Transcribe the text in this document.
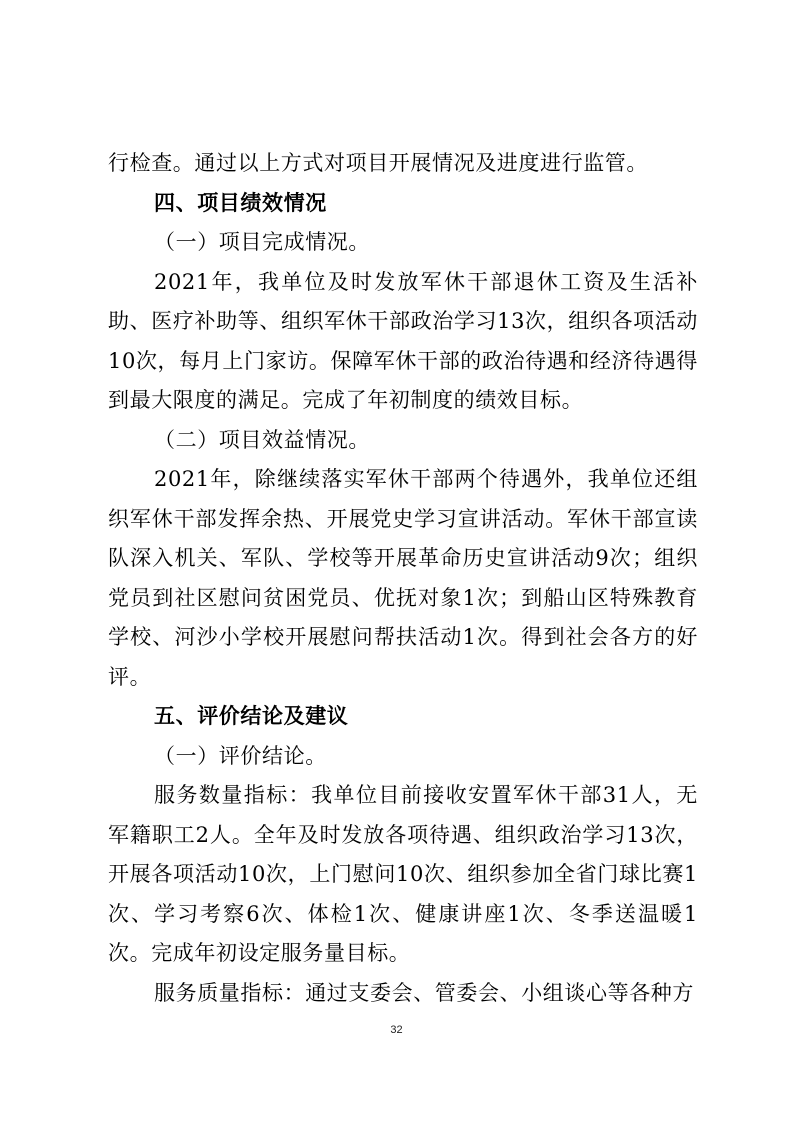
行检查。通过以上方式对项目开展情况及进度进行监管。

四、项目绩效情况

（一）项目完成情况。

2021年，我单位及时发放军休干部退休工资及生活补助、医疗补助等、组织军休干部政治学习13次，组织各项活动10次，每月上门家访。保障军休干部的政治待遇和经济待遇得到最大限度的满足。完成了年初制度的绩效目标。

（二）项目效益情况。

2021年，除继续落实军休干部两个待遇外，我单位还组织军休干部发挥余热、开展党史学习宣讲活动。军休干部宣读队深入机关、军队、学校等开展革命历史宣讲活动9次；组织党员到社区慰问贫困党员、优抚对象1次；到船山区特殊教育学校、河沙小学校开展慰问帮扶活动1次。得到社会各方的好评。

五、评价结论及建议

（一）评价结论。

服务数量指标：我单位目前接收安置军休干部31人，无军籍职工2人。全年及时发放各项待遇、组织政治学习13次，开展各项活动10次，上门慰问10次、组织参加全省门球比赛1次、学习考察6次、体检1次、健康讲座1次、冬季送温暖1次。完成年初设定服务量目标。

服务质量指标：通过支委会、管委会、小组谈心等各种方

32
